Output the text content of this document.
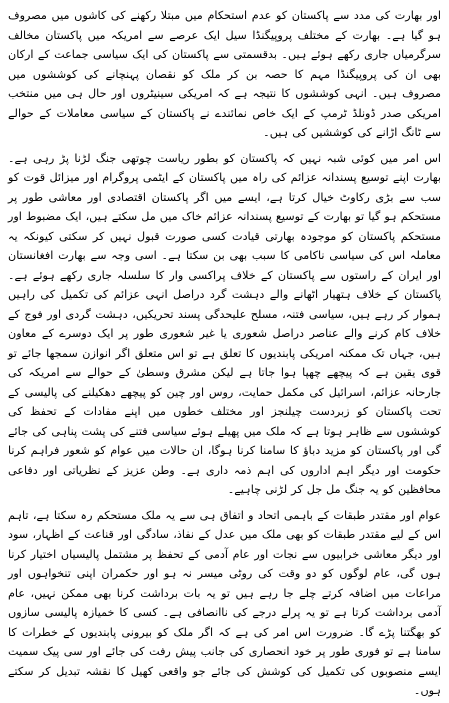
اور بھارت کی مدد سے پاکستان کو عدم استحکام میں مبتلا رکھنے کی کاشوں میں مصروف ہو گیا ہے۔ بھارت کے مختلف پروپیگنڈا سیل ایک عرصے سے امریکہ میں پاکستان مخالف سرگرمیاں جاری رکھے ہوئے ہیں۔ بدقسمتی سے پاکستان کی ایک سیاسی جماعت کے ارکان بھی ان کی پروپیگنڈا مہم کا حصہ بن کر ملک کو نقصان پہنچانے کی کوششوں میں مصروف ہیں۔ انہی کوششوں کا نتیجہ ہے کہ امریکی سینیٹروں اور حال ہی میں منتخب امریکی صدر ڈونلڈ ٹرمپ کے ایک خاص نمائندے نے پاکستان کے سیاسی معاملات کے حوالے سے ٹانگ اڑانے کی کوششیں کی ہیں۔

اس امر میں کوئی شبہ نہیں کہ پاکستان کو بطور ریاست چوتھی جنگ لڑنا پڑ رہی ہے۔ بھارت اپنے توسیع پسندانہ عزائم کی راہ میں پاکستان کے ایٹمی پروگرام اور میزائل قوت کو سب سے بڑی رکاوٹ خیال کرتا ہے، ایسے میں اگر پاکستان اقتصادی اور معاشی طور پر مستحکم ہو گیا تو بھارت کے توسیع پسندانہ عزائم خاک میں مل سکتے ہیں، ایک مضبوط اور مستحکم پاکستان کو موجودہ بھارتی قیادت کسی صورت قبول نہیں کر سکتی کیونکہ یہ معاملہ اس کی سیاسی ناکامی کا سبب بھی بن سکتا ہے۔ اسی وجہ سے بھارت افغانستان اور ایران کے راستوں سے پاکستان کے خلاف پراکسی وار کا سلسلہ جاری رکھے ہوئے ہے۔ پاکستان کے خلاف ہتھیار اٹھانے والے دہشت گرد دراصل انہی عزائم کی تکمیل کی راہیں ہموار کر رہے ہیں، سیاسی فتنہ، مسلح علیحدگی پسند تحریکیں، دہشت گردی اور فوج کے خلاف کام کرنے والے عناصر دراصل شعوری یا غیر شعوری طور پر ایک دوسرے کے معاون ہیں، جہاں تک ممکنہ امریکی پابندیوں کا تعلق ہے تو اس متعلق اگر انوازن سمجھا جائے تو قوی یقین ہے کہ پیچھے چھپا ہوا جاتا ہے لیکن مشرق وسطیٰ کے حوالے سے امریکہ کی جارحانہ عزائم، اسرائیل کی مکمل حمایت، روس اور چین کو پیچھے دھکیلنے کی پالیسی کے تحت پاکستان کو زبردست چیلنجز اور مختلف خطوں میں اپنے مفادات کے تحفظ کی کوششوں سے ظاہر ہوتا ہے کہ ملک میں پھیلے ہوئے سیاسی فتنے کی پشت پناہی کی جائے گی اور پاکستان کو مزید دباؤ کا سامنا کرنا ہوگا، ان حالات میں عوام کو شعور فراہم کرنا حکومت اور دیگر اہم اداروں کی اہم ذمہ داری ہے۔ وطن عزیز کے نظریاتی اور دفاعی محافظین کو یہ جنگ مل جل کر لڑنی چاہیے۔

عوام اور مقتدر طبقات کے باہمی اتحاد و اتفاق ہی سے یہ ملک مستحکم رہ سکتا ہے، تاہم اس کے لیے مقتدر طبقات کو بھی ملک میں عدل کے نفاذ، سادگی اور قناعت کے اظہار، سود اور دیگر معاشی خرابیوں سے نجات اور عام آدمی کے تحفظ پر مشتمل پالیسیاں اختیار کرنا ہوں گی، عام لوگوں کو دو وقت کی روٹی میسر نہ ہو اور حکمران اپنی تنخواہوں اور مراعات میں اضافہ کرتے چلے جا رہے ہیں تو یہ بات برداشت کرنا بھی ممکن نہیں، عام آدمی برداشت کرتا ہے تو یہ پرلے درجے کی ناانصافی ہے۔ کسی کا خمیازہ پالیسی سازوں کو بھگتنا پڑے گا۔ ضرورت اس امر کی ہے کہ اگر ملک کو بیرونی پابندیوں کے خطرات کا سامنا ہے تو فوری طور پر خود انحصاری کی جانب پیش رفت کی جائے اور سی پیک سمیت ایسے منصوبوں کی تکمیل کی کوشش کی جائے جو واقعی کھیل کا نقشہ تبدیل کر سکتے ہوں۔
